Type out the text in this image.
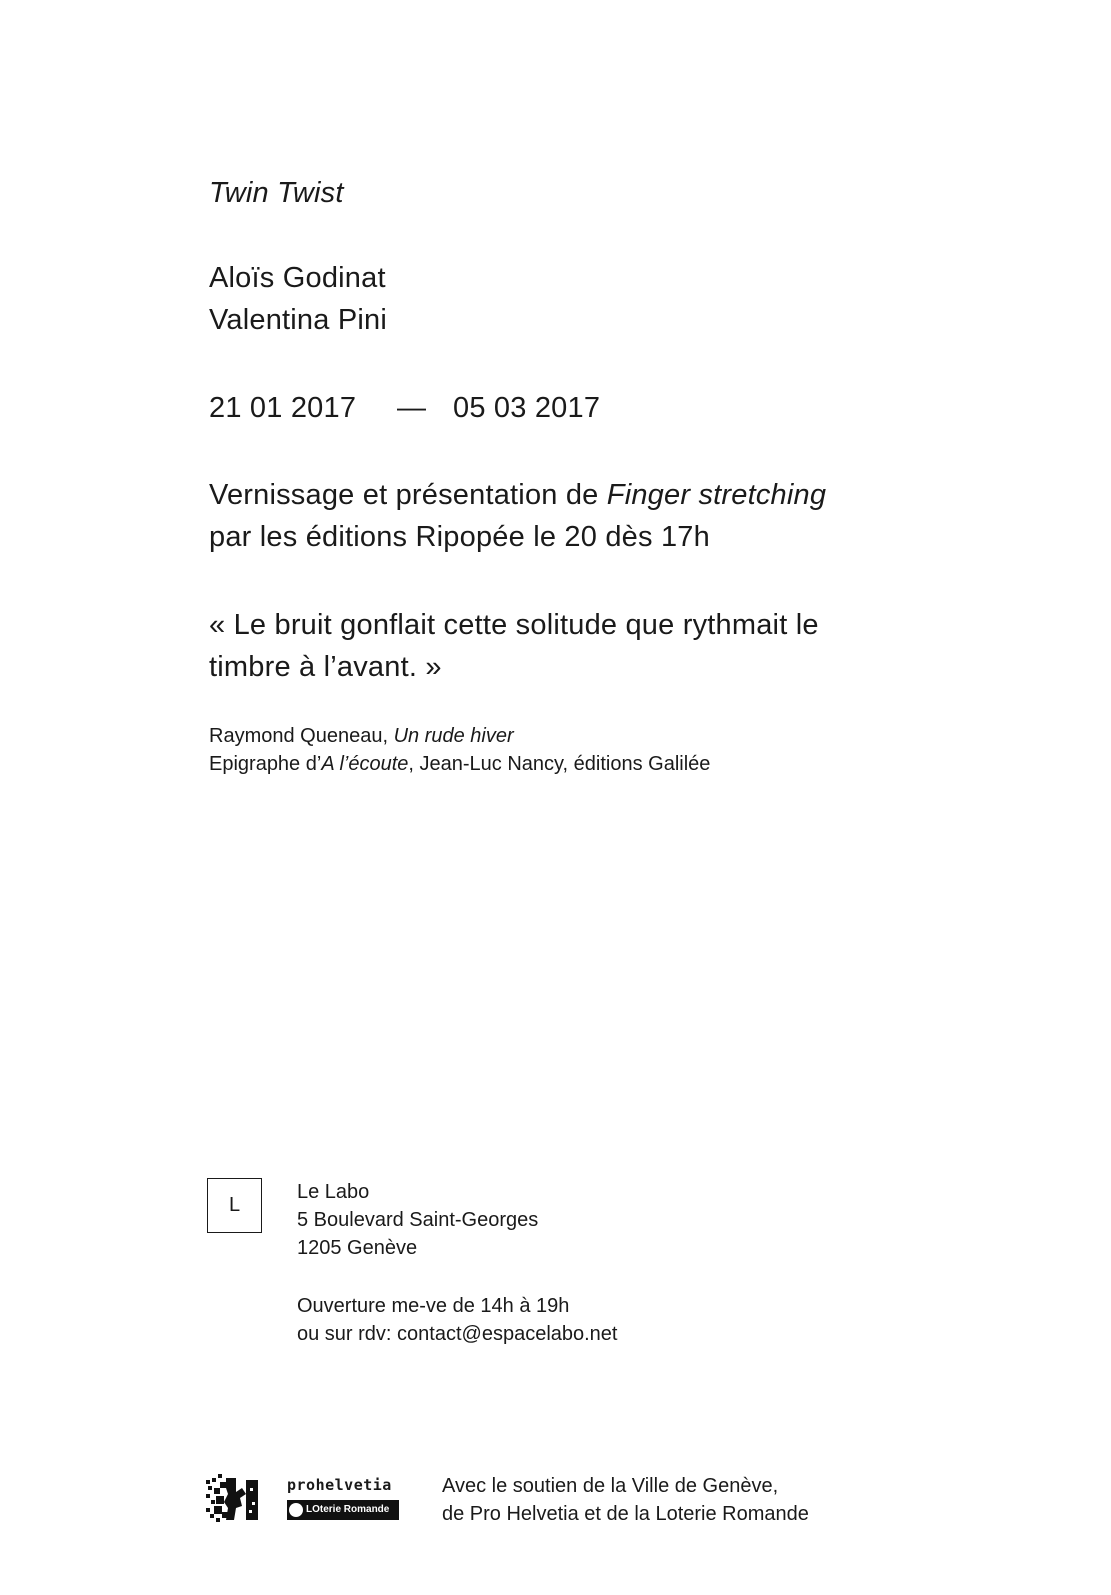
Twin Twist
Aloïs Godinat
Valentina Pini
21 01 2017 — 05 03 2017
Vernissage et présentation de Finger stretching
par les éditions Ripopée le 20 dès 17h
« Le bruit gonflait cette solitude que rythmait le
timbre à l’avant. »
Raymond Queneau, Un rude hiver
Epigraphe d’A l’écoute, Jean-Luc Nancy, éditions Galilée
L
Le Labo
5 Boulevard Saint-Georges
1205 Genève
Ouverture me-ve de 14h à 19h
ou sur rdv: contact@espacelabo.net
prohelvetia
LOterie Romande
Avec le soutien de la Ville de Genève,
de Pro Helvetia et de la Loterie Romande
